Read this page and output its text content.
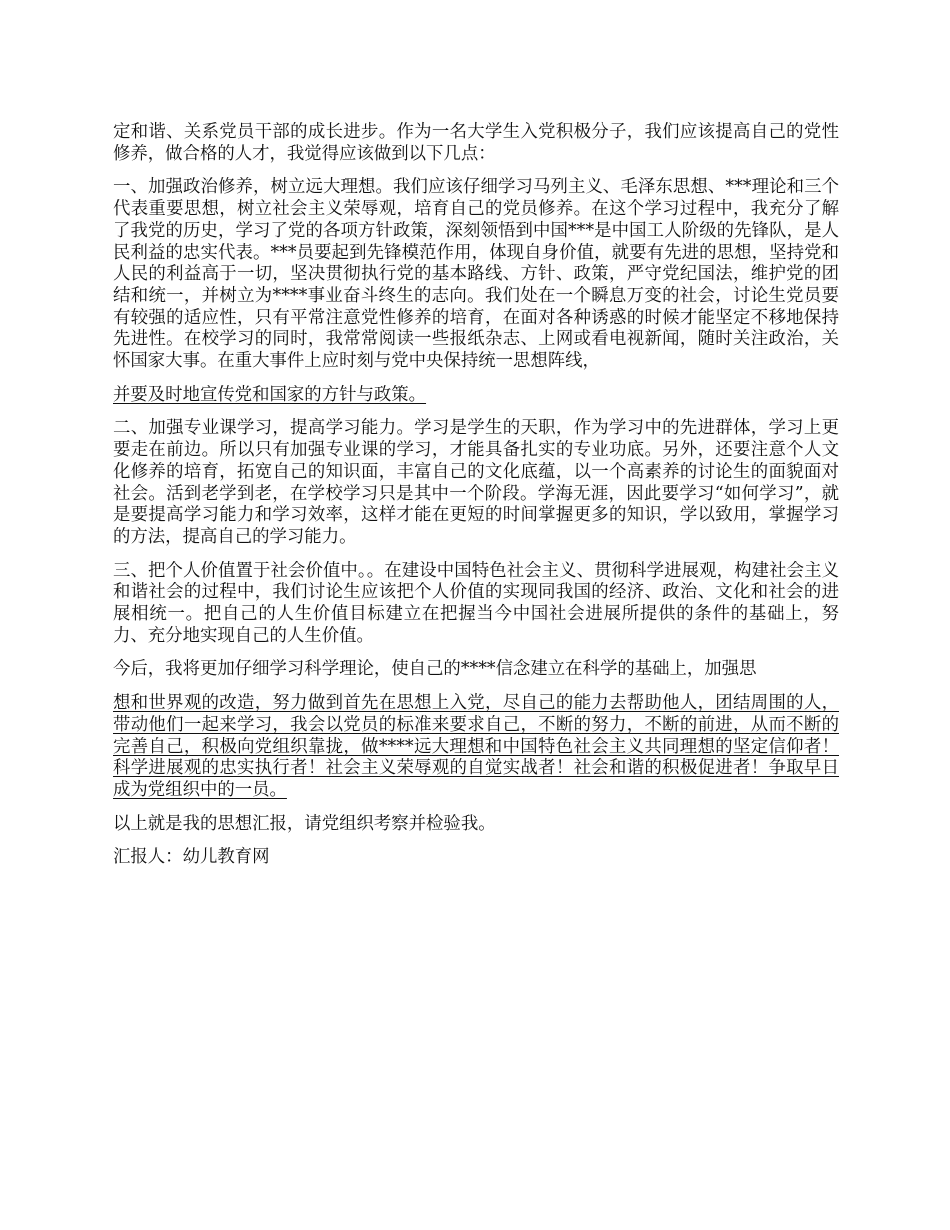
定和谐、关系党员干部的成长进步。作为一名大学生入党积极分子，我们应该提高自己的党性修养，做合格的人才，我觉得应该做到以下几点：

一、加强政治修养，树立远大理想。我们应该仔细学习马列主义、毛泽东思想、***理论和三个代表重要思想，树立社会主义荣辱观，培育自己的党员修养。在这个学习过程中，我充分了解了我党的历史，学习了党的各项方针政策，深刻领悟到中国***是中国工人阶级的先锋队，是人民利益的忠实代表。***员要起到先锋模范作用，体现自身价值，就要有先进的思想，坚持党和人民的利益高于一切，坚决贯彻执行党的基本路线、方针、政策，严守党纪国法，维护党的团结和统一，并树立为****事业奋斗终生的志向。我们处在一个瞬息万变的社会，讨论生党员要有较强的适应性，只有平常注意党性修养的培育，在面对各种诱惑的时候才能坚定不移地保持先进性。在校学习的同时，我常常阅读一些报纸杂志、上网或看电视新闻，随时关注政治，关怀国家大事。在重大事件上应时刻与党中央保持统一思想阵线，

并要及时地宣传党和国家的方针与政策。

二、加强专业课学习，提高学习能力。学习是学生的天职，作为学习中的先进群体，学习上更要走在前边。所以只有加强专业课的学习，才能具备扎实的专业功底。另外，还要注意个人文化修养的培育，拓宽自己的知识面，丰富自己的文化底蕴，以一个高素养的讨论生的面貌面对社会。活到老学到老，在学校学习只是其中一个阶段。学海无涯，因此要学习“如何学习”，就是要提高学习能力和学习效率，这样才能在更短的时间掌握更多的知识，学以致用，掌握学习的方法，提高自己的学习能力。

三、把个人价值置于社会价值中。。在建设中国特色社会主义、贯彻科学进展观，构建社会主义和谐社会的过程中，我们讨论生应该把个人价值的实现同我国的经济、政治、文化和社会的进展相统一。把自己的人生价值目标建立在把握当今中国社会进展所提供的条件的基础上，努力、充分地实现自己的人生价值。

今后，我将更加仔细学习科学理论，使自己的****信念建立在科学的基础上，加强思

想和世界观的改造，努力做到首先在思想上入党，尽自己的能力去帮助他人，团结周围的人，带动他们一起来学习，我会以党员的标准来要求自己，不断的努力，不断的前进，从而不断的完善自己，积极向党组织靠拢，做****远大理想和中国特色社会主义共同理想的坚定信仰者！科学进展观的忠实执行者！社会主义荣辱观的自觉实战者！社会和谐的积极促进者！争取早日成为党组织中的一员。

以上就是我的思想汇报，请党组织考察并检验我。

汇报人：幼儿教育网
